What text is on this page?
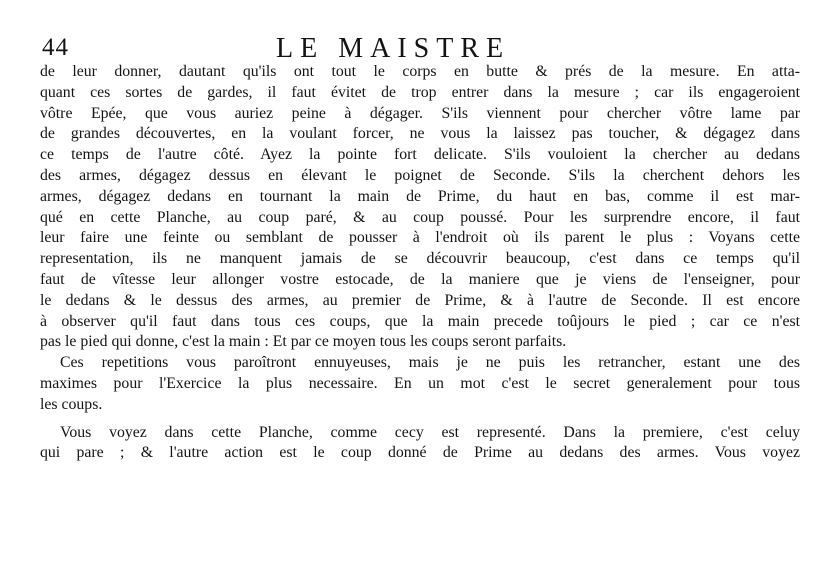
44	LE MAISTRE
de leur donner, dautant qu'ils ont tout le corps en butte & prés de la mesure. En atta-
quant ces sortes de gardes, il faut évitet de trop entrer dans la mesure ; car ils engageroient
vôtre Epée, que vous auriez peine à dégager. S'ils viennent pour chercher vôtre lame par
de grandes découvertes, en la voulant forcer, ne vous la laissez pas toucher, & dégagez dans
ce temps de l'autre côté. Ayez la pointe fort delicate. S'ils vouloient la chercher au dedans
des armes, dégagez dessus en élevant le poignet de Seconde. S'ils la cherchent dehors les
armes, dégagez dedans en tournant la main de Prime, du haut en bas, comme il est mar-
qué en cette Planche, au coup paré, & au coup poussé. Pour les surprendre encore, il faut
leur faire une feinte ou semblant de pousser à l'endroit où ils parent le plus : Voyans cette
representation, ils ne manquent jamais de se découvrir beaucoup, c'est dans ce temps qu'il
faut de vîtesse leur allonger vostre estocade, de la maniere que je viens de l'enseigner, pour
le dedans & le dessus des armes, au premier de Prime, & à l'autre de Seconde. Il est encore
à observer qu'il faut dans tous ces coups, que la main precede toûjours le pied ; car ce n'est
pas le pied qui donne, c'est la main : Et par ce moyen tous les coups seront parfaits.
Ces repetitions vous paroîtront ennuyeuses, mais je ne puis les retrancher, estant une des
maximes pour l'Exercice la plus necessaire. En un mot c'est le secret generalement pour tous
les coups.
Vous voyez dans cette Planche, comme cecy est representé. Dans la premiere, c'est celuy
qui pare ; & l'autre action est le coup donné de Prime au dedans des armes. Vous voyez
